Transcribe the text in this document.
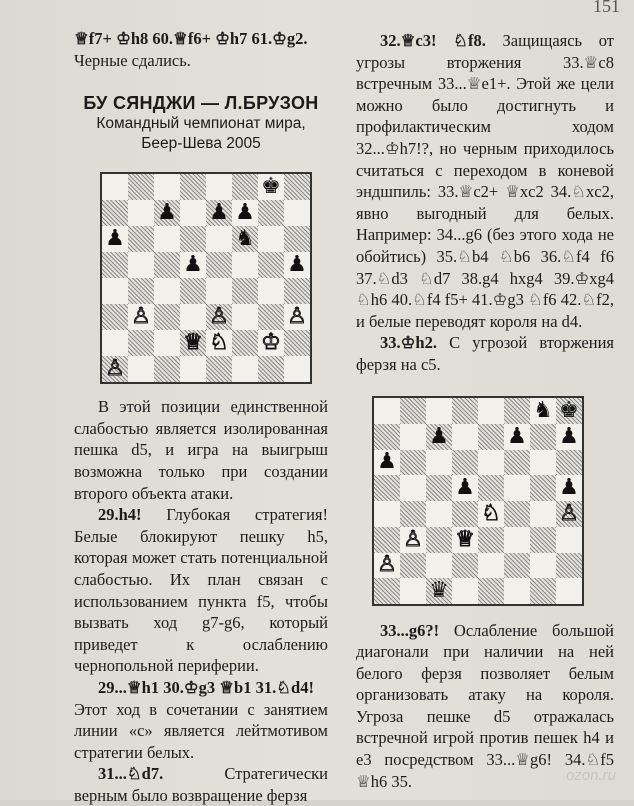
151

♕f7+ ♔h8 60.♕f6+ ♔h7 61.♔g2.

Черные сдались.

БУ СЯНДЖИ — Л.БРУЗОН
Командный чемпионат мира,
Беер-Шева 2005

В этой позиции единственной слабостью является изолированная пешка d5, и игра на выигрыш возможна только при создании второго объекта атаки.

29.h4! Глубокая стратегия! Белые блокируют пешку h5, которая может стать потенциальной слабостью. Их план связан с использованием пункта f5, чтобы вызвать ход g7-g6, который приведет к ослаблению чернопольной периферии.

29...♕h1 30.♔g3 ♕b1 31.♘d4!

Этот ход в сочетании с занятием линии «c» является лейтмотивом стратегии белых.

31...♘d7. Стратегически верным было возвращение ферзя

32.♕c3! ♘f8. Защищаясь от угрозы вторжения 33.♕c8 встречным 33...♕e1+. Этой же цели можно было достигнуть и профилактическим ходом 32...♔h7!?, но черным приходилось считаться с переходом в коневой эндшпиль: 33.♕c2+ ♕xc2 34.♘xc2, явно выгодный для белых. Например: 34...g6 (без этого хода не обойтись) 35.♘b4 ♘b6 36.♘f4 f6 37.♘d3 ♘d7 38.g4 hxg4 39.♔xg4 ♘h6 40.♘f4 f5+ 41.♔g3 ♘f6 42.♘f2, и белые переводят короля на d4.

33.♔h2. С угрозой вторжения ферзя на c5.

33...g6?! Ослабление большой диагонали при наличии на ней белого ферзя позволяет белым организовать атаку на короля. Угроза пешке d5 отражалась встречной игрой против пешек h4 и e3 посредством 33...♕g6! 34.♘f5 ♕h6 35.

♚
♟ ♟ ♟
♟	♞
♟	♟
♙	♙	♙
♕ ♘ ♔
♙
♞ ♚
♟	♟ ♟
♟
♟	♟
♘	♙
♙ ♕
♙
♛
ozon.ru
